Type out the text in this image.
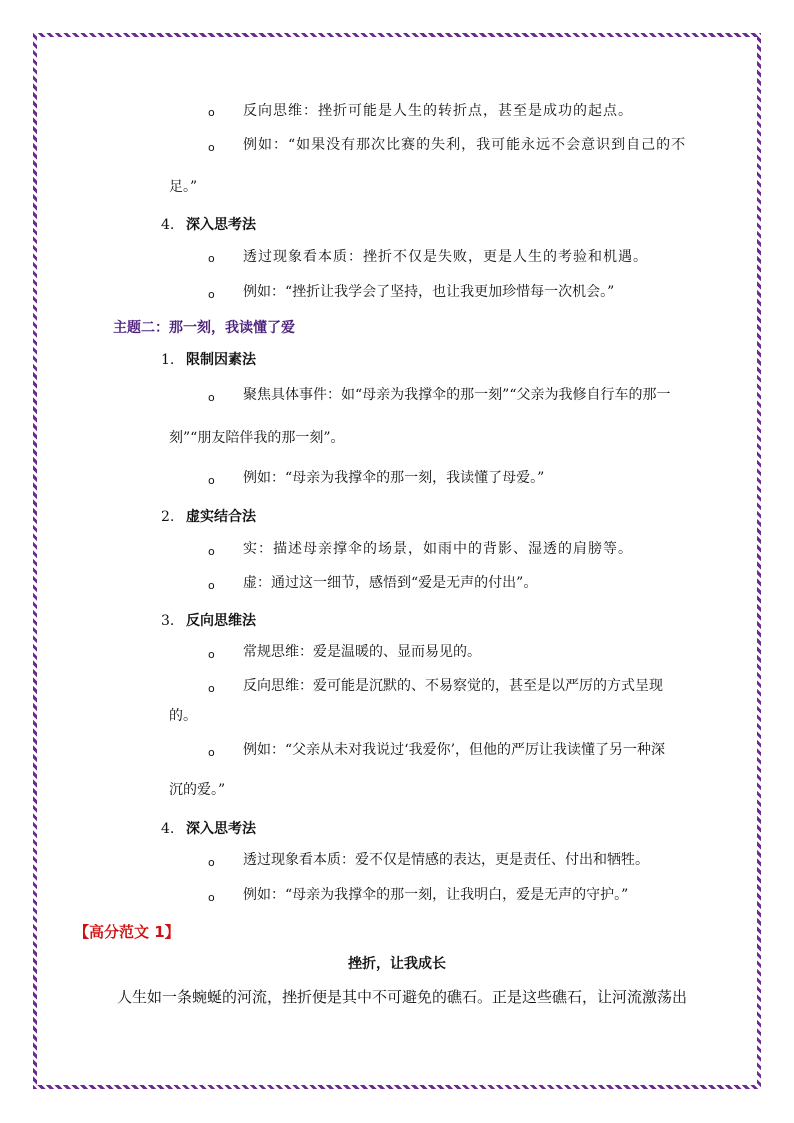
o 反向思维：挫折可能是人生的转折点，甚至是成功的起点。
o 例如：“如果没有那次比赛的失利，我可能永远不会意识到自己的不
足。”
4. 深入思考法
o 透过现象看本质：挫折不仅是失败，更是人生的考验和机遇。
o 例如：“挫折让我学会了坚持，也让我更加珍惜每一次机会。”
主题二：那一刻，我读懂了爱
1. 限制因素法
o 聚焦具体事件：如“母亲为我撑伞的那一刻”“父亲为我修自行车的那一
刻”“朋友陪伴我的那一刻”。
o 例如：“母亲为我撑伞的那一刻，我读懂了母爱。”
2. 虚实结合法
o 实：描述母亲撑伞的场景，如雨中的背影、湿透的肩膀等。
o 虚：通过这一细节，感悟到“爱是无声的付出”。
3. 反向思维法
o 常规思维：爱是温暖的、显而易见的。
o 反向思维：爱可能是沉默的、不易察觉的，甚至是以严厉的方式呈现
的。
o 例如：“父亲从未对我说过‘我爱你’，但他的严厉让我读懂了另一种深
沉的爱。”
4. 深入思考法
o 透过现象看本质：爱不仅是情感的表达，更是责任、付出和牺牲。
o 例如：“母亲为我撑伞的那一刻，让我明白，爱是无声的守护。”
【高分范文 1】
挫折，让我成长
人生如一条蜿蜒的河流，挫折便是其中不可避免的礁石。正是这些礁石，让河流激荡出
